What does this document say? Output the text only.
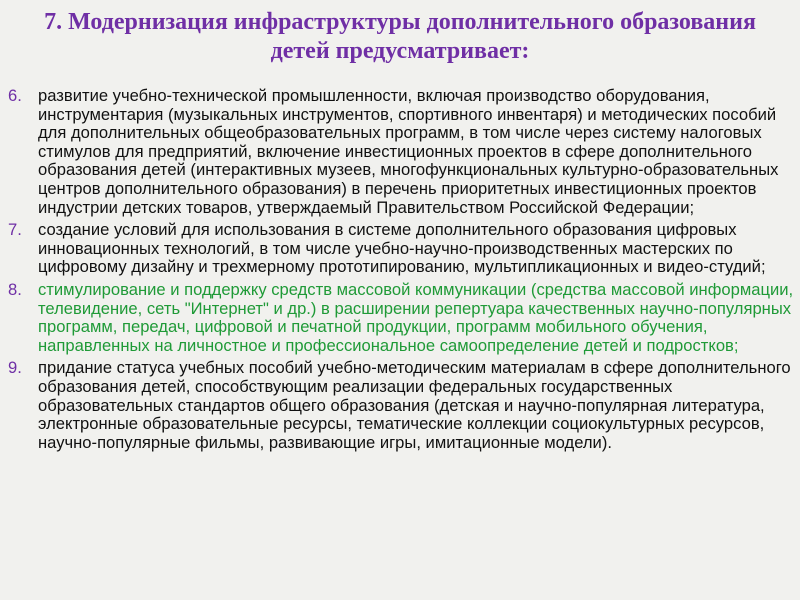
7. Модернизация инфраструктуры дополнительного образования детей предусматривает:
6. развитие учебно-технической промышленности, включая производство оборудования, инструментария (музыкальных инструментов, спортивного инвентаря) и методических пособий для дополнительных общеобразовательных программ, в том числе через систему налоговых стимулов для предприятий, включение инвестиционных проектов в сфере дополнительного образования детей (интерактивных музеев, многофункциональных культурно-образовательных центров дополнительного образования) в перечень приоритетных инвестиционных проектов индустрии детских товаров, утверждаемый Правительством Российской Федерации;
7. создание условий для использования в системе дополнительного образования цифровых инновационных технологий, в том числе учебно-научно-производственных мастерских по цифровому дизайну и трехмерному прототипированию, мультипликационных и видео-студий;
8. стимулирование и поддержку средств массовой коммуникации (средства массовой информации, телевидение, сеть "Интернет" и др.) в расширении репертуара качественных научно-популярных программ, передач, цифровой и печатной продукции, программ мобильного обучения, направленных на личностное и профессиональное самоопределение детей и подростков;
9. придание статуса учебных пособий учебно-методическим материалам в сфере дополнительного образования детей, способствующим реализации федеральных государственных образовательных стандартов общего образования (детская и научно-популярная литература, электронные образовательные ресурсы, тематические коллекции социокультурных ресурсов, научно-популярные фильмы, развивающие игры, имитационные модели).
